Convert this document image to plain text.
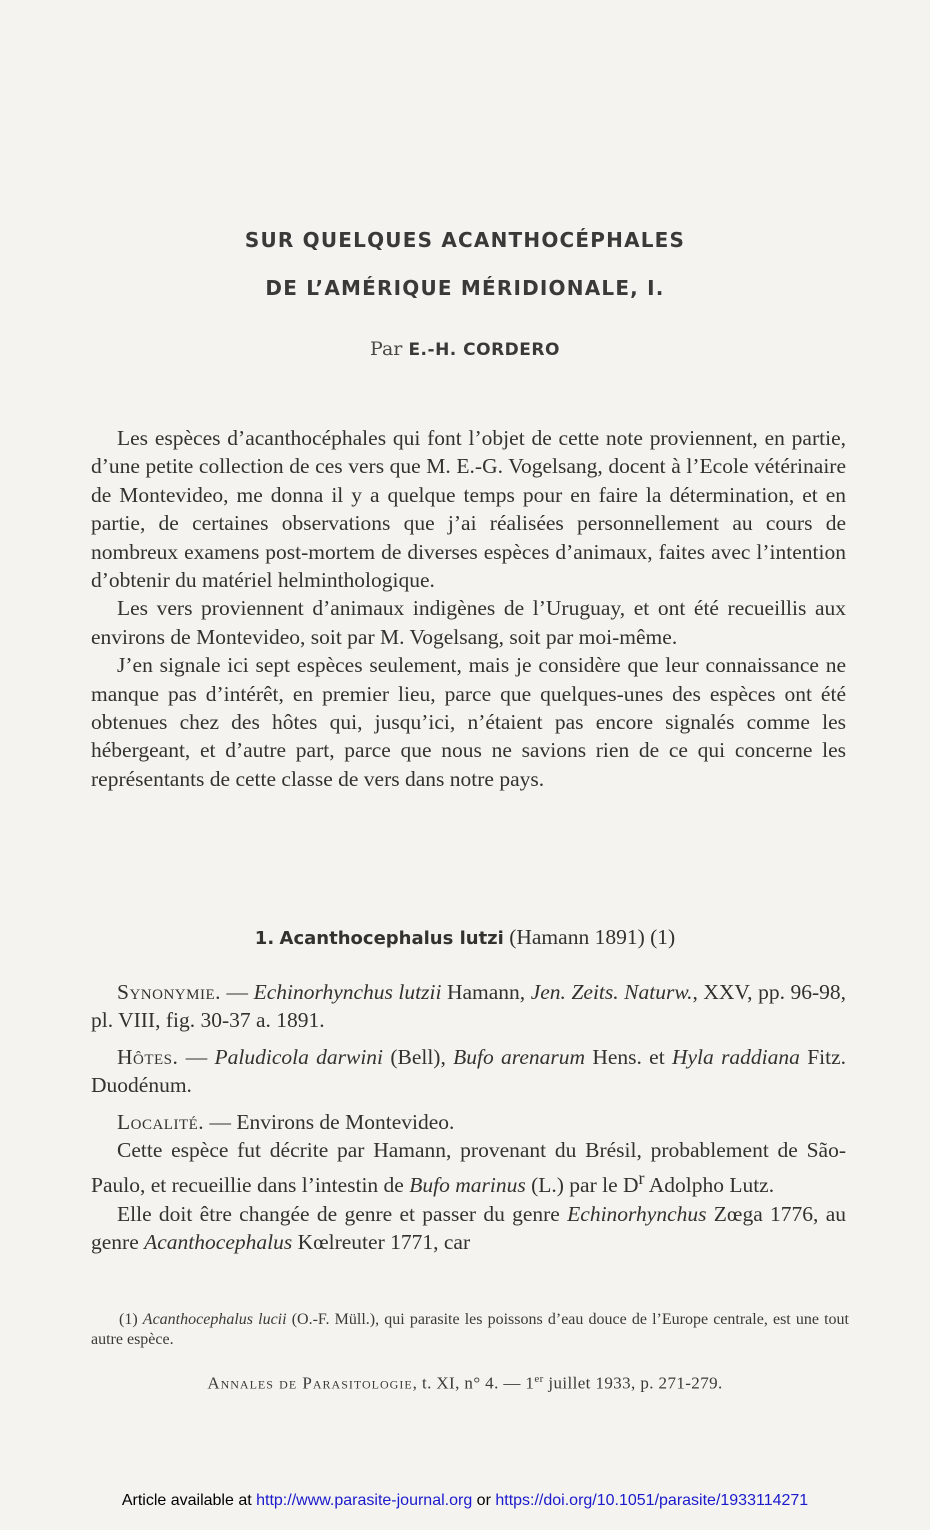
SUR QUELQUES ACANTHOCÉPHALES
DE L’AMÉRIQUE MÉRIDIONALE, I.
Par E.-H. CORDERO

Les espèces d’acanthocéphales qui font l’objet de cette note proviennent, en partie, d’une petite collection de ces vers que M. E.-G. Vogelsang, docent à l’Ecole vétérinaire de Montevideo, me donna il y a quelque temps pour en faire la détermination, et en partie, de certaines observations que j’ai réalisées personnellement au cours de nombreux examens post-mortem de diverses espèces d’animaux, faites avec l’intention d’obtenir du matériel helminthologique.

Les vers proviennent d’animaux indigènes de l’Uruguay, et ont été recueillis aux environs de Montevideo, soit par M. Vogelsang, soit par moi-même.

J’en signale ici sept espèces seulement, mais je considère que leur connaissance ne manque pas d’intérêt, en premier lieu, parce que quelques-unes des espèces ont été obtenues chez des hôtes qui, jusqu’ici, n’étaient pas encore signalés comme les hébergeant, et d’autre part, parce que nous ne savions rien de ce qui concerne les représentants de cette classe de vers dans notre pays.

1. Acanthocephalus lutzi (Hamann 1891) (1)

Synonymie. — Echinorhynchus lutzii Hamann, Jen. Zeits. Naturw., XXV, pp. 96-98, pl. VIII, fig. 30-37 a. 1891.

Hôtes. — Paludicola darwini (Bell), Bufo arenarum Hens. et Hyla raddiana Fitz. Duodénum.

Localité. — Environs de Montevideo.

Cette espèce fut décrite par Hamann, provenant du Brésil, probablement de São-Paulo, et recueillie dans l’intestin de Bufo marinus (L.) par le $D^r$ Adolpho Lutz.

Elle doit être changée de genre et passer du genre Echinorhynchus Zœga 1776, au genre Acanthocephalus Kœlreuter 1771, car

(1) Acanthocephalus lucii (O.-F. Müll.), qui parasite les poissons d’eau douce de l’Europe centrale, est une tout autre espèce.

Annales de Parasitologie, t. XI, n° 4. — 1er juillet 1933, p. 271-279.
Article available at http://www.parasite-journal.org or https://doi.org/10.1051/parasite/1933114271
